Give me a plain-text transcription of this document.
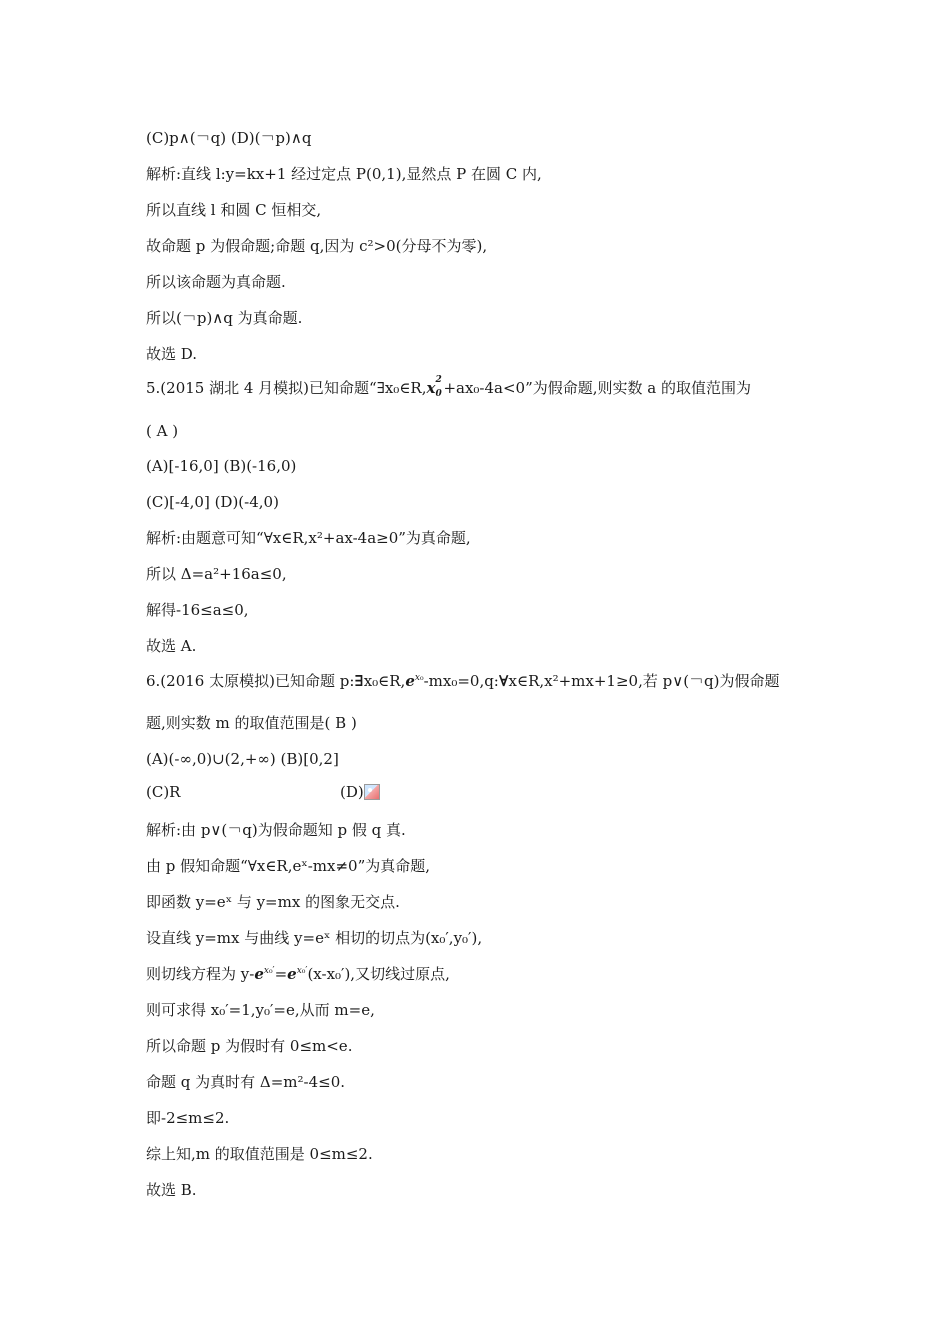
(C)p∧(￢q) (D)(￢p)∧q
解析:直线 l:y=kx+1 经过定点 P(0,1),显然点 P 在圆 C 内,
所以直线 l 和圆 C 恒相交,
故命题 p 为假命题;命题 q,因为 c²>0(分母不为零),
所以该命题为真命题.
所以(￢p)∧q 为真命题.
故选 D.
5.(2015 湖北 4 月模拟)已知命题“∃x₀∈R,x 2
0 +ax₀-4a<0”为假命题,则实数 a 的取值范围为
( A )
(A)[-16,0] (B)(-16,0)
(C)[-4,0] (D)(-4,0)
解析:由题意可知“∀x∈R,x²+ax-4a≥0”为真命题,
所以 Δ=a²+16a≤0,
解得-16≤a≤0,
故选 A.
6.(2016 太原模拟)已知命题 $p:\exists x_0\in R,e^{x_0}-mx_0=0,q:\forall x\in R,x^2+mx+1\ge 0$,若 p∨(￢q)为假命题
题,则实数 m 的取值范围是( B )
(A)(-∞,0)∪(2,+∞) (B)[0,2]
(C)R	(D)
解析:由 p∨(￢q)为假命题知 p 假 q 真.
由 p 假知命题“∀x∈R,eˣ-mx≠0”为真命题,
即函数 y=eˣ 与 y=mx 的图象无交点.
设直线 y=mx 与曲线 y=eˣ 相切的切点为(x₀′,y₀′),
则切线方程为 $y-e^{x_0'}=e^{x_0'}(x-x_0')$,又切线过原点,
则可求得 x₀′=1,y₀′=e,从而 m=e,
所以命题 p 为假时有 0≤m<e.
命题 q 为真时有 Δ=m²-4≤0.
即-2≤m≤2.
综上知,m 的取值范围是 0≤m≤2.
故选 B.
